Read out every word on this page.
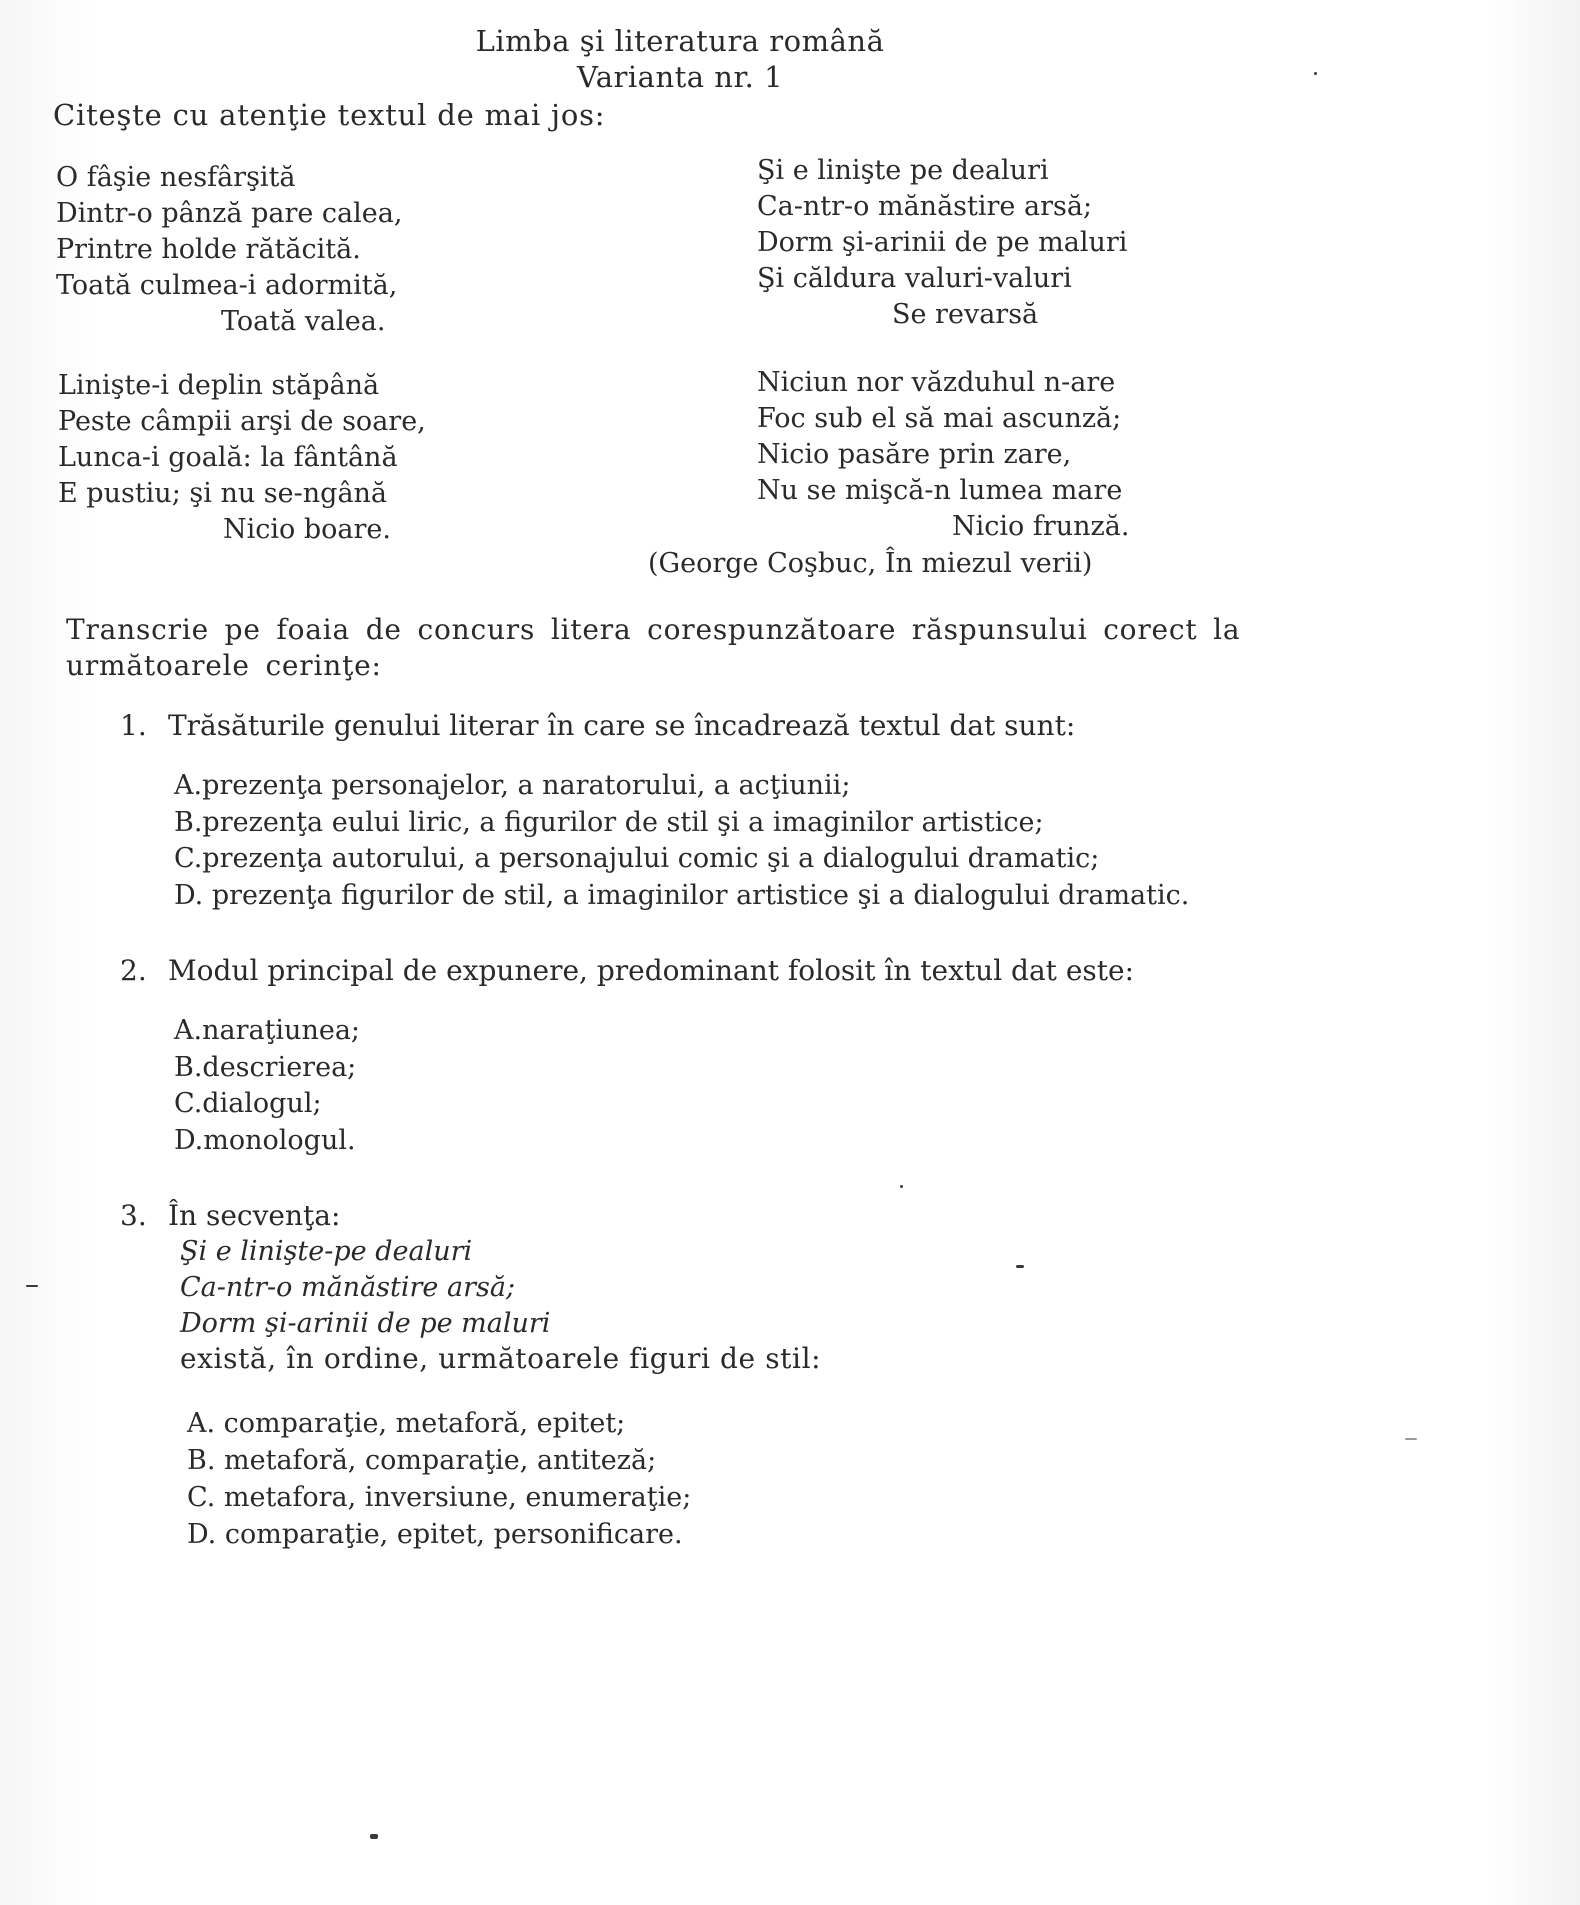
Limba şi literatura română
Varianta nr. 1
Citeşte cu atenţie textul de mai jos:
O fâşie nesfârşită
Dintr-o pânză pare calea,
Printre holde rătăcită.
Toată culmea-i adormită,
Toată valea.
Linişte-i deplin stăpână
Peste câmpii arşi de soare,
Lunca-i goală: la fântână
E pustiu; şi nu se-ngână
Nicio boare.
Şi e linişte pe dealuri
Ca-ntr-o mănăstire arsă;
Dorm şi-arinii de pe maluri
Şi căldura valuri-valuri
Se revarsă
Niciun nor văzduhul n-are
Foc sub el să mai ascunză;
Nicio pasăre prin zare,
Nu se mişcă-n lumea mare
Nicio frunză.
(George Coşbuc, În miezul verii)
Transcrie pe foaia de concurs litera corespunzătoare răspunsului corect la următoarele cerinţe:
1. Trăsăturile genului literar în care se încadrează textul dat sunt:
A.prezenţa personajelor, a naratorului, a acţiunii;
B.prezenţa eului liric, a figurilor de stil şi a imaginilor artistice;
C.prezenţa autorului, a personajului comic şi a dialogului dramatic;
D. prezenţa figurilor de stil, a imaginilor artistice şi a dialogului dramatic.
2. Modul principal de expunere, predominant folosit în textul dat este:
A.naraţiunea;
B.descrierea;
C.dialogul;
D.monologul.
3. În secvenţa:
Şi e linişte-pe dealuri
Ca-ntr-o mănăstire arsă;
Dorm şi-arinii de pe maluri
există, în ordine, următoarele figuri de stil:
A. comparaţie, metaforă, epitet;
B. metaforă, comparaţie, antiteză;
C. metafora, inversiune, enumeraţie;
D. comparaţie, epitet, personificare.
